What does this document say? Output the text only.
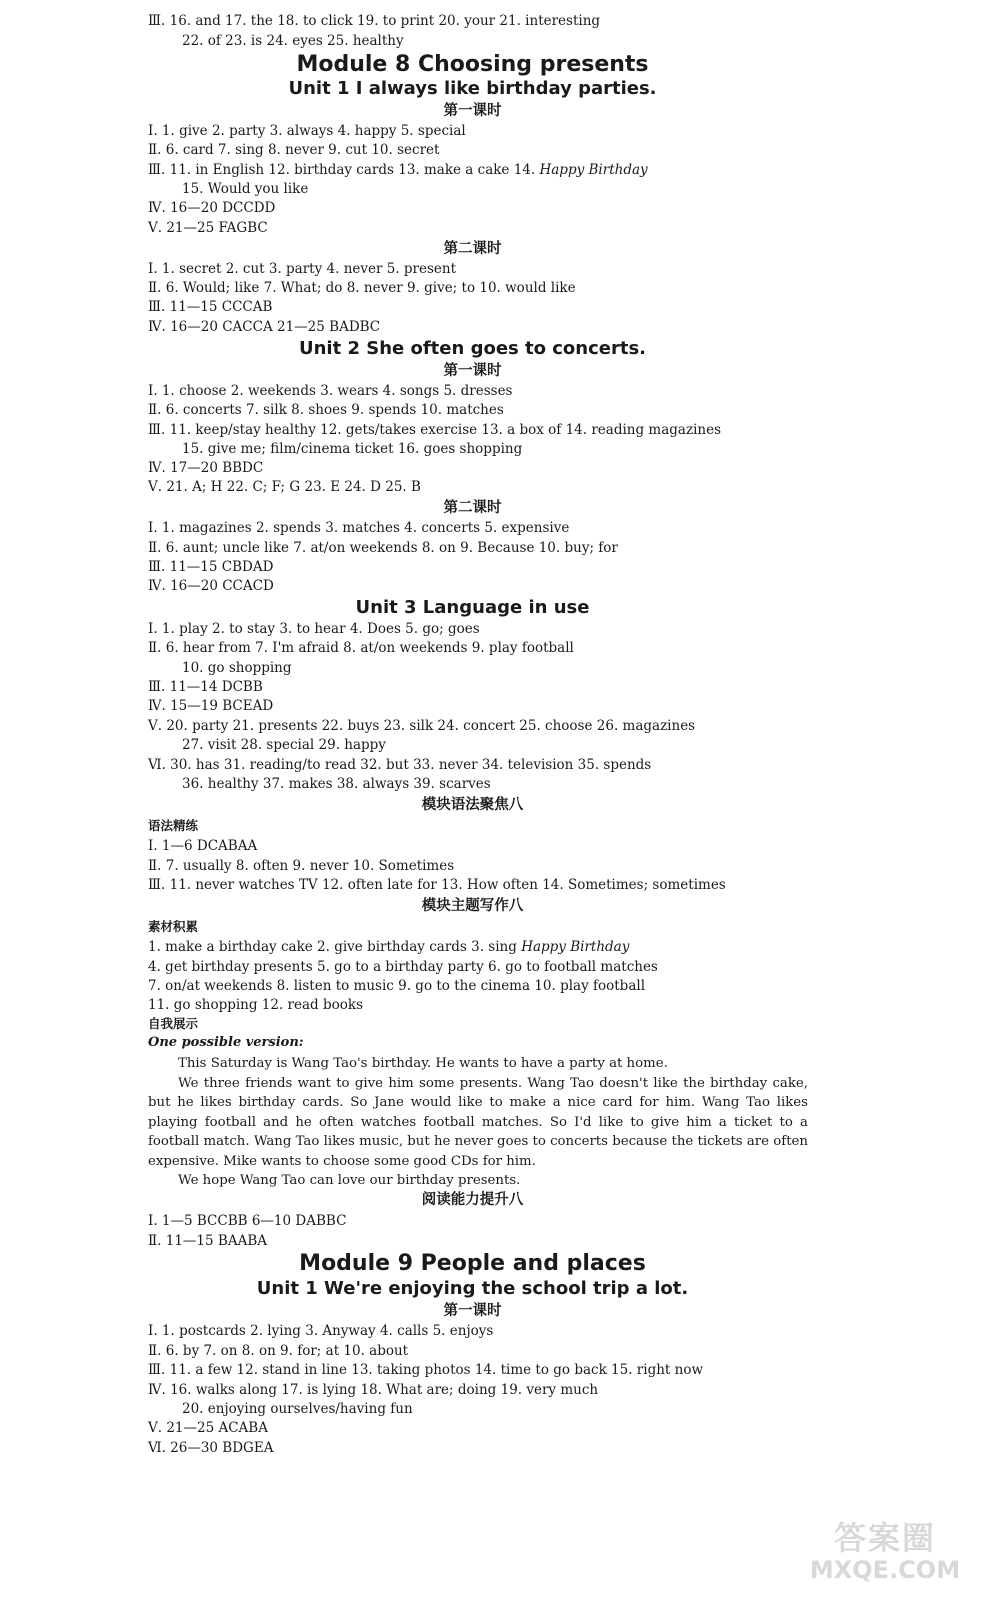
Ⅲ. 16. and 17. the 18. to click 19. to print 20. your 21. interesting
22. of 23. is 24. eyes 25. healthy
Module 8 Choosing presents
Unit 1 I always like birthday parties.
第一课时
Ⅰ. 1. give 2. party 3. always 4. happy 5. special
Ⅱ. 6. card 7. sing 8. never 9. cut 10. secret
Ⅲ. 11. in English 12. birthday cards 13. make a cake 14. Happy Birthday
15. Would you like
Ⅳ. 16—20 DCCDD
Ⅴ. 21—25 FAGBC
第二课时
Ⅰ. 1. secret 2. cut 3. party 4. never 5. present
Ⅱ. 6. Would; like 7. What; do 8. never 9. give; to 10. would like
Ⅲ. 11—15 CCCAB
Ⅳ. 16—20 CACCA 21—25 BADBC
Unit 2 She often goes to concerts.
第一课时
Ⅰ. 1. choose 2. weekends 3. wears 4. songs 5. dresses
Ⅱ. 6. concerts 7. silk 8. shoes 9. spends 10. matches
Ⅲ. 11. keep/stay healthy 12. gets/takes exercise 13. a box of 14. reading magazines
15. give me; film/cinema ticket 16. goes shopping
Ⅳ. 17—20 BBDC
Ⅴ. 21. A; H 22. C; F; G 23. E 24. D 25. B
第二课时
Ⅰ. 1. magazines 2. spends 3. matches 4. concerts 5. expensive
Ⅱ. 6. aunt; uncle like 7. at/on weekends 8. on 9. Because 10. buy; for
Ⅲ. 11—15 CBDAD
Ⅳ. 16—20 CCACD
Unit 3 Language in use
Ⅰ. 1. play 2. to stay 3. to hear 4. Does 5. go; goes
Ⅱ. 6. hear from 7. I'm afraid 8. at/on weekends 9. play football
10. go shopping
Ⅲ. 11—14 DCBB
Ⅳ. 15—19 BCEAD
Ⅴ. 20. party 21. presents 22. buys 23. silk 24. concert 25. choose 26. magazines
27. visit 28. special 29. happy
Ⅵ. 30. has 31. reading/to read 32. but 33. never 34. television 35. spends
36. healthy 37. makes 38. always 39. scarves
模块语法聚焦八
语法精练
Ⅰ. 1—6 DCABAA
Ⅱ. 7. usually 8. often 9. never 10. Sometimes
Ⅲ. 11. never watches TV 12. often late for 13. How often 14. Sometimes; sometimes
模块主题写作八
素材积累
1. make a birthday cake 2. give birthday cards 3. sing Happy Birthday
4. get birthday presents 5. go to a birthday party 6. go to football matches
7. on/at weekends 8. listen to music 9. go to the cinema 10. play football
11. go shopping 12. read books
自我展示
One possible version:

This Saturday is Wang Tao's birthday. He wants to have a party at home.

We three friends want to give him some presents. Wang Tao doesn't like the birthday cake, but he likes birthday cards. So Jane would like to make a nice card for him. Wang Tao likes playing football and he often watches football matches. So I'd like to give him a ticket to a football match. Wang Tao likes music, but he never goes to concerts because the tickets are often expensive. Mike wants to choose some good CDs for him.

We hope Wang Tao can love our birthday presents.

阅读能力提升八
Ⅰ. 1—5 BCCBB 6—10 DABBC
Ⅱ. 11—15 BAABA
Module 9 People and places
Unit 1 We're enjoying the school trip a lot.
第一课时
Ⅰ. 1. postcards 2. lying 3. Anyway 4. calls 5. enjoys
Ⅱ. 6. by 7. on 8. on 9. for; at 10. about
Ⅲ. 11. a few 12. stand in line 13. taking photos 14. time to go back 15. right now
Ⅳ. 16. walks along 17. is lying 18. What are; doing 19. very much
20. enjoying ourselves/having fun
Ⅴ. 21—25 ACABA
Ⅵ. 26—30 BDGEA
答案圈
MXQE.COM
